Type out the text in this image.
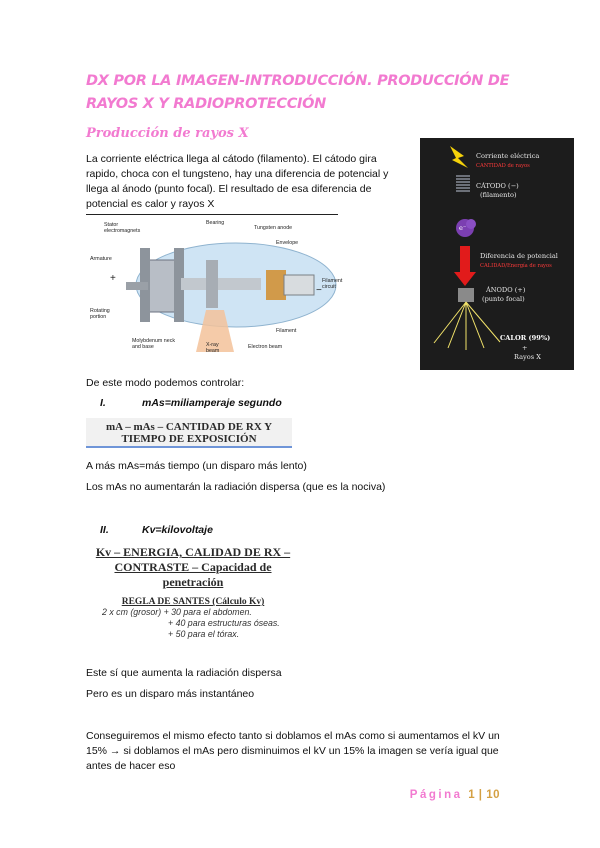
DX POR LA IMAGEN-INTRODUCCIÓN. PRODUCCIÓN DE RAYOS X Y RADIOPROTECCIÓN
Producción de rayos X
La corriente eléctrica llega al cátodo (filamento). El cátodo gira rapido, choca con el tungsteno, hay una diferencia de potencial y llega al ánodo (punto focal). El resultado de esa diferencia de potencial es calor y rayos X
Stator electromagnets
Bearing
Tungsten anode
Envelope
Armature
+	Filament circuit
−
Rotating portion
Filament
Molybdenum neck and base	X-ray beam
Electron beam
Corriente eléctrica
CANTIDAD de rayos
CÁTODO (−)
(filamento)
e⁻
Diferencia de potencial
CALIDAD/Energía de rayos
ÁNODO (+)
(punto focal)
CALOR (99%)
+
Rayos X
De este modo podemos controlar:
I.	mAs=miliamperaje segundo
mA – mAs – CANTIDAD DE RX Y
TIEMPO DE EXPOSICIÓN
A más mAs=más tiempo (un disparo más lento)
Los mAs no aumentarán la radiación dispersa (que es la nociva)
II.	Kv=kilovoltaje
Kv – ENERGIA, CALIDAD DE RX –
CONTRASTE – Capacidad de
penetración
REGLA DE SANTES (Cálculo Kv)
2 x cm (grosor) + 30 para el abdomen.
+ 40 para estructuras óseas.
+ 50 para el tórax.
Este sí que aumenta la radiación dispersa
Pero es un disparo más instantáneo
Conseguiremos el mismo efecto tanto si doblamos el mAs como si aumentamos el kV un 15% → si doblamos el mAs pero disminuimos el kV un 15% la imagen se vería igual que antes de hacer eso
Página 1 | 10
